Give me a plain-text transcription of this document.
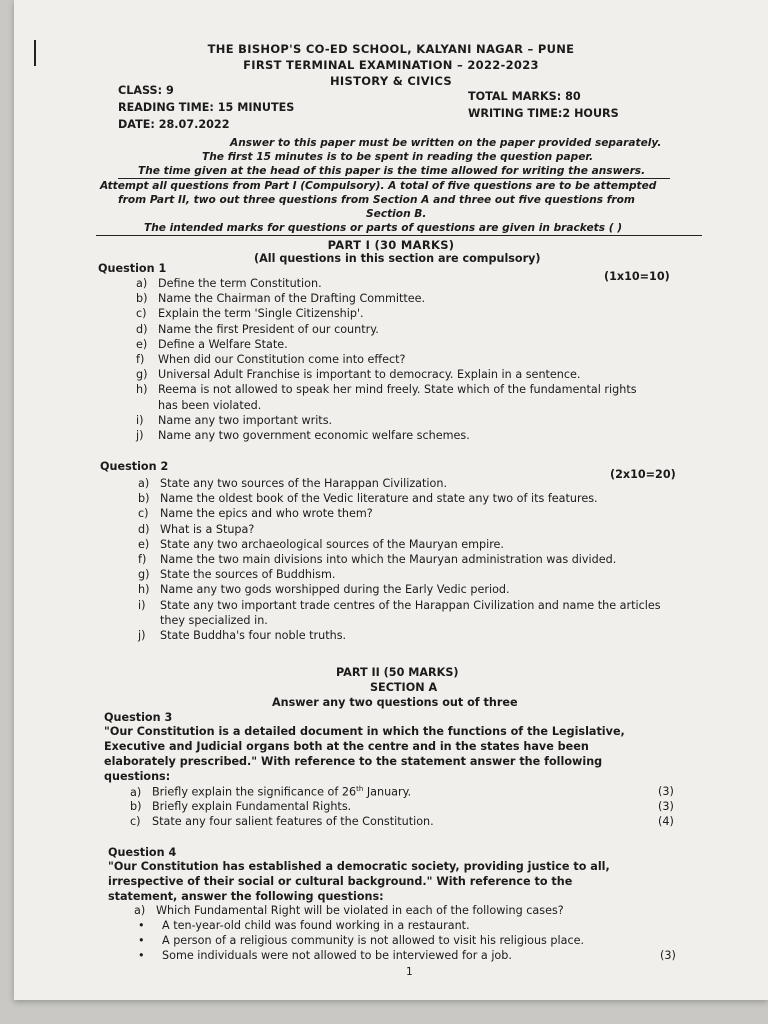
THE BISHOP'S CO-ED SCHOOL, KALYANI NAGAR – PUNE
FIRST TERMINAL EXAMINATION – 2022-2023
HISTORY & CIVICS
CLASS: 9	TOTAL MARKS: 80
READING TIME: 15 MINUTES	WRITING TIME:2 HOURS
DATE: 28.07.2022
Answer to this paper must be written on the paper provided separately.
The first 15 minutes is to be spent in reading the question paper.
The time given at the head of this paper is the time allowed for writing the answers.
Attempt all questions from Part I (Compulsory). A total of five questions are to be attempted
from Part II, two out three questions from Section A and three out five questions from
Section B.
The intended marks for questions or parts of questions are given in brackets ( )
PART I (30 MARKS)
(All questions in this section are compulsory)
Question 1
(1x10=10)
a) Define the term Constitution.
b) Name the Chairman of the Drafting Committee.
c) Explain the term 'Single Citizenship'.
d) Name the first President of our country.
e) Define a Welfare State.
f) When did our Constitution come into effect?
g) Universal Adult Franchise is important to democracy. Explain in a sentence.
h) Reema is not allowed to speak her mind freely. State which of the fundamental rights
has been violated.
i) Name any two important writs.
j) Name any two government economic welfare schemes.
Question 2
(2x10=20)
a) State any two sources of the Harappan Civilization.
b) Name the oldest book of the Vedic literature and state any two of its features.
c) Name the epics and who wrote them?
d) What is a Stupa?
e) State any two archaeological sources of the Mauryan empire.
f) Name the two main divisions into which the Mauryan administration was divided.
g) State the sources of Buddhism.
h) Name any two gods worshipped during the Early Vedic period.
i) State any two important trade centres of the Harappan Civilization and name the articles
they specialized in.
j) State Buddha's four noble truths.
PART II (50 MARKS)
SECTION A
Answer any two questions out of three
Question 3
"Our Constitution is a detailed document in which the functions of the Legislative,
Executive and Judicial organs both at the centre and in the states have been
elaborately prescribed." With reference to the statement answer the following
questions:
a) Briefly explain the significance of 26th January.	(3)
b) Briefly explain Fundamental Rights.	(3)
c) State any four salient features of the Constitution.	(4)
Question 4
"Our Constitution has established a democratic society, providing justice to all,
irrespective of their social or cultural background." With reference to the
statement, answer the following questions:
a) Which Fundamental Right will be violated in each of the following cases?
• A ten-year-old child was found working in a restaurant.
• A person of a religious community is not allowed to visit his religious place.
• Some individuals were not allowed to be interviewed for a job.	(3)
1
